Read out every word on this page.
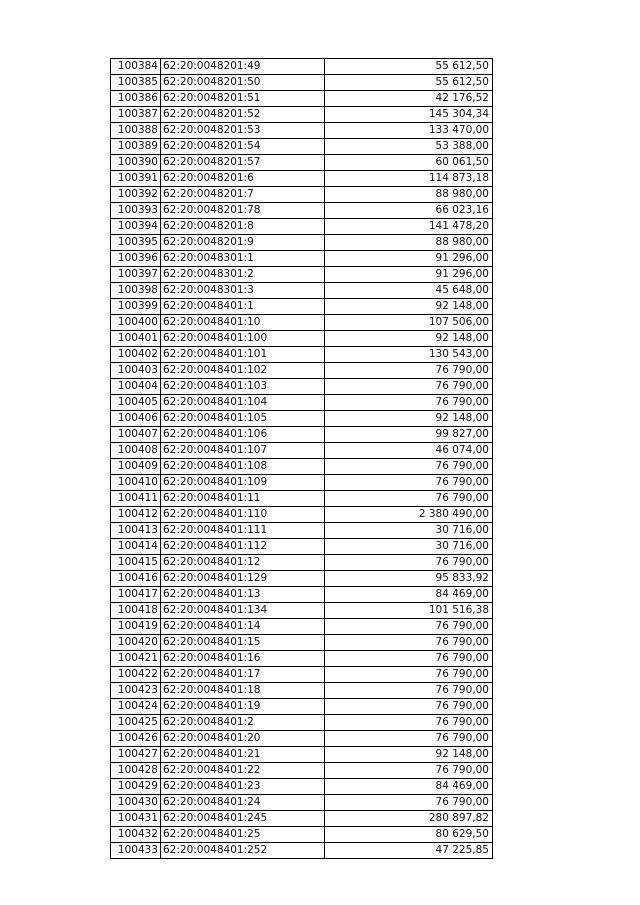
100384	62:20:0048201:49	55 612,50
100385	62:20:0048201:50	55 612,50
100386	62:20:0048201:51	42 176,52
100387	62:20:0048201:52	145 304,34
100388	62:20:0048201:53	133 470,00
100389	62:20:0048201:54	53 388,00
100390	62:20:0048201:57	60 061,50
100391	62:20:0048201:6	114 873,18
100392	62:20:0048201:7	88 980,00
100393	62:20:0048201:78	66 023,16
100394	62:20:0048201:8	141 478,20
100395	62:20:0048201:9	88 980,00
100396	62:20:0048301:1	91 296,00
100397	62:20:0048301:2	91 296,00
100398	62:20:0048301:3	45 648,00
100399	62:20:0048401:1	92 148,00
100400	62:20:0048401:10	107 506,00
100401	62:20:0048401:100	92 148,00
100402	62:20:0048401:101	130 543,00
100403	62:20:0048401:102	76 790,00
100404	62:20:0048401:103	76 790,00
100405	62:20:0048401:104	76 790,00
100406	62:20:0048401:105	92 148,00
100407	62:20:0048401:106	99 827,00
100408	62:20:0048401:107	46 074,00
100409	62:20:0048401:108	76 790,00
100410	62:20:0048401:109	76 790,00
100411	62:20:0048401:11	76 790,00
100412	62:20:0048401:110	2 380 490,00
100413	62:20:0048401:111	30 716,00
100414	62:20:0048401:112	30 716,00
100415	62:20:0048401:12	76 790,00
100416	62:20:0048401:129	95 833,92
100417	62:20:0048401:13	84 469,00
100418	62:20:0048401:134	101 516,38
100419	62:20:0048401:14	76 790,00
100420	62:20:0048401:15	76 790,00
100421	62:20:0048401:16	76 790,00
100422	62:20:0048401:17	76 790,00
100423	62:20:0048401:18	76 790,00
100424	62:20:0048401:19	76 790,00
100425	62:20:0048401:2	76 790,00
100426	62:20:0048401:20	76 790,00
100427	62:20:0048401:21	92 148,00
100428	62:20:0048401:22	76 790,00
100429	62:20:0048401:23	84 469,00
100430	62:20:0048401:24	76 790,00
100431	62:20:0048401:245	280 897,82
100432	62:20:0048401:25	80 629,50
100433	62:20:0048401:252	47 225,85
